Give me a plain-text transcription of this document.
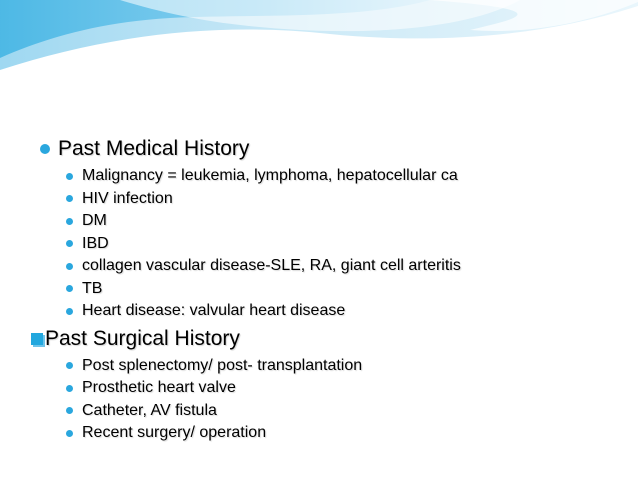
Past Medical History
Malignancy = leukemia, lymphoma, hepatocellular ca
HIV infection
DM
IBD
collagen vascular disease-SLE, RA, giant cell arteritis
TB
Heart disease: valvular heart disease
Past Surgical History
Post splenectomy/ post- transplantation
Prosthetic heart valve
Catheter, AV fistula
Recent surgery/ operation
